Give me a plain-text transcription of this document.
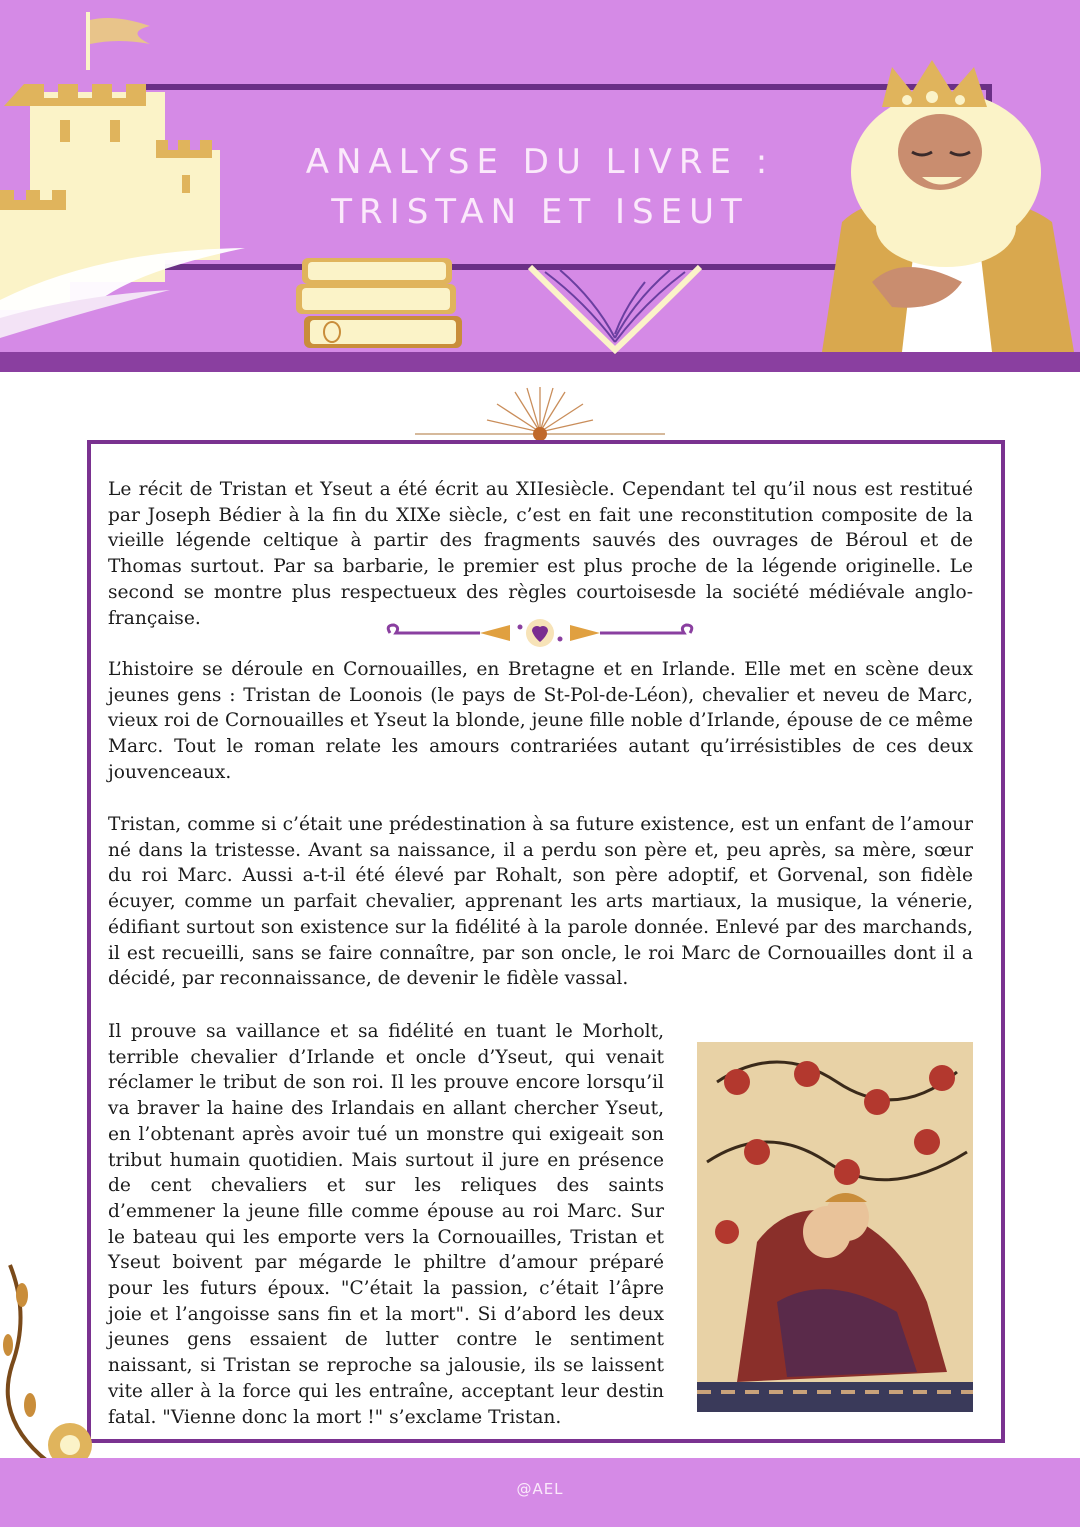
ANALYSE DU LIVRE :
TRISTAN ET ISEUT

Le récit de Tristan et Yseut a été écrit au XIIesiècle. Cependant tel qu’il nous est restitué par Joseph Bédier à la fin du XIXe siècle, c’est en fait une reconstitution composite de la vieille légende celtique à partir des fragments sauvés des ouvrages de Béroul et de Thomas surtout. Par sa barbarie, le premier est plus proche de la légende originelle. Le second se montre plus respectueux des règles courtoisesde la société médiévale anglo-française.

L’histoire se déroule en Cornouailles, en Bretagne et en Irlande. Elle met en scène deux jeunes gens : Tristan de Loonois (le pays de St-Pol-de-Léon), chevalier et neveu de Marc, vieux roi de Cornouailles et Yseut la blonde, jeune fille noble d’Irlande, épouse de ce même Marc. Tout le roman relate les amours contrariées autant qu’irrésistibles de ces deux jouvenceaux.

Tristan, comme si c’était une prédestination à sa future existence, est un enfant de l’amour né dans la tristesse. Avant sa naissance, il a perdu son père et, peu après, sa mère, sœur du roi Marc. Aussi a-t-il été élevé par Rohalt, son père adoptif, et Gorvenal, son fidèle écuyer, comme un parfait chevalier, apprenant les arts martiaux, la musique, la vénerie, édifiant surtout son existence sur la fidélité à la parole donnée. Enlevé par des marchands, il est recueilli, sans se faire connaître, par son oncle, le roi Marc de Cornouailles dont il a décidé, par reconnaissance, de devenir le fidèle vassal.

Il prouve sa vaillance et sa fidélité en tuant le Morholt, terrible chevalier d’Irlande et oncle d’Yseut, qui venait réclamer le tribut de son roi. Il les prouve encore lorsqu’il va braver la haine des Irlandais en allant chercher Yseut, en l’obtenant après avoir tué un monstre qui exigeait son tribut humain quotidien. Mais surtout il jure en présence de cent chevaliers et sur les reliques des saints d’emmener la jeune fille comme épouse au roi Marc. Sur le bateau qui les emporte vers la Cornouailles, Tristan et Yseut boivent par mégarde le philtre d’amour préparé pour les futurs époux. "C’était la passion, c’était l’âpre joie et l’angoisse sans fin et la mort". Si d’abord les deux jeunes gens essaient de lutter contre le sentiment naissant, si Tristan se reproche sa jalousie, ils se laissent vite aller à la force qui les entraîne, acceptant leur destin fatal. "Vienne donc la mort !" s’exclame Tristan.

@AEL
